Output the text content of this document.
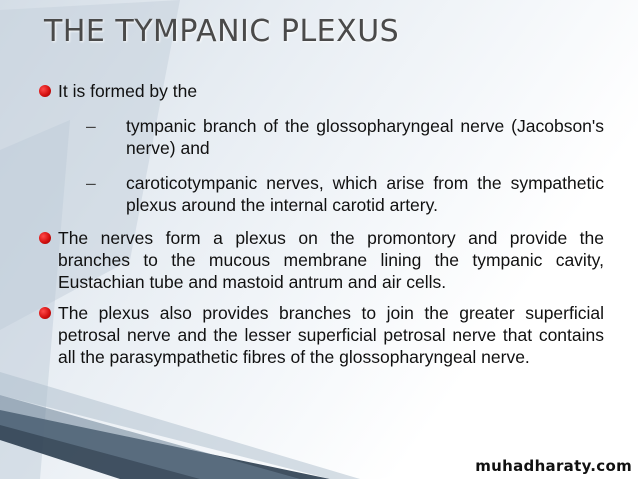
THE TYMPANIC PLEXUS
It is formed by the
– tympanic branch of the glossopharyngeal nerve (Jacobson's nerve) and
– caroticotympanic nerves, which arise from the sympathetic plexus around the internal carotid artery.
The nerves form a plexus on the promontory and provide the branches to the mucous membrane lining the tympanic cavity, Eustachian tube and mastoid antrum and air cells.
The plexus also provides branches to join the greater superficial petrosal nerve and the lesser superficial petrosal nerve that contains all the parasympathetic fibres of the glossopharyngeal nerve.
muhadharaty.com
